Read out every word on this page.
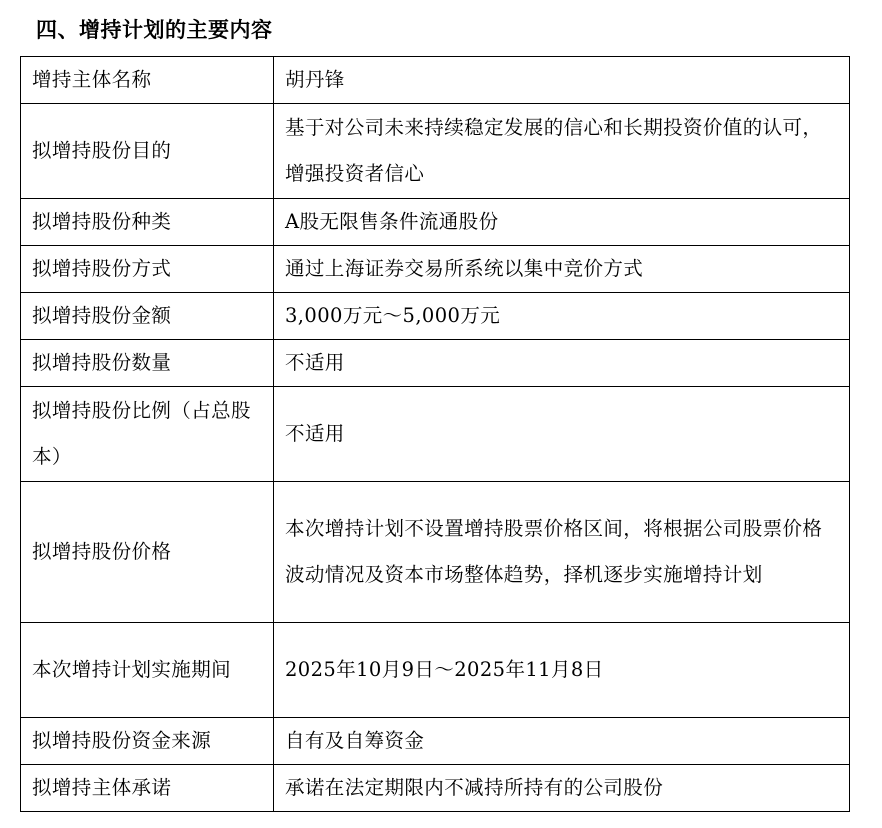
四、增持计划的主要内容
增持主体名称	胡丹锋
拟增持股份目的	基于对公司未来持续稳定发展的信心和长期投资价值的认可，增强投资者信心
拟增持股份种类	A股无限售条件流通股份
拟增持股份方式	通过上海证券交易所系统以集中竞价方式
拟增持股份金额	3,000万元～5,000万元
拟增持股份数量	不适用
拟增持股份比例（占总股本）	不适用
拟增持股份价格	本次增持计划不设置增持股票价格区间，将根据公司股票价格波动情况及资本市场整体趋势，择机逐步实施增持计划
本次增持计划实施期间	2025年10月9日～2025年11月8日
拟增持股份资金来源	自有及自筹资金
拟增持主体承诺	承诺在法定期限内不减持所持有的公司股份
